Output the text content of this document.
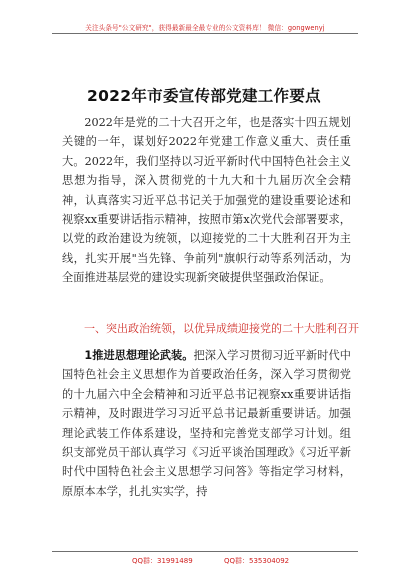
关注头条号"公文研究"，获得最新最全最专业的公文资料库！ 微信：gongwenyj
2022年市委宣传部党建工作要点

2022年是党的二十大召开之年，也是落实十四五规划关键的一年，谋划好2022年党建工作意义重大、责任重大。2022年，我们坚持以习近平新时代中国特色社会主义思想为指导，深入贯彻党的十九大和十九届历次全会精神，认真落实习近平总书记关于加强党的建设重要论述和视察xx重要讲话指示精神，按照市第x次党代会部署要求，以党的政治建设为统领，以迎接党的二十大胜利召开为主线，扎实开展"当先锋、争前列"旗帜行动等系列活动，为全面推进基层党的建设实现新突破提供坚强政治保证。

一、突出政治统领，以优异成绩迎接党的二十大胜利召开

1推进思想理论武装。把深入学习贯彻习近平新时代中国特色社会主义思想作为首要政治任务，深入学习贯彻党的十九届六中全会精神和习近平总书记视察xx重要讲话指示精神，及时跟进学习习近平总书记最新重要讲话。加强理论武装工作体系建设，坚持和完善党支部学习计划。组织支部党员干部认真学习《习近平谈治国理政》《习近平新时代中国特色社会主义思想学习问答》等指定学习材料，原原本本学，扎扎实实学，持

QQ群：31991489	QQ群：535304092
